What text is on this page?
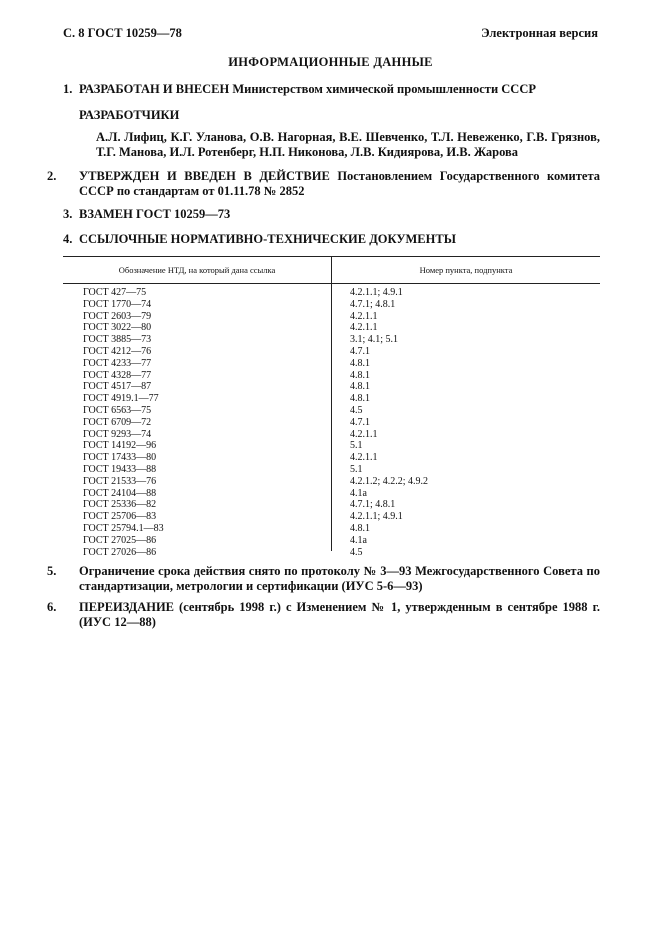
С. 8 ГОСТ 10259—78	Электронная версия
ИНФОРМАЦИОННЫЕ ДАННЫЕ
1. РАЗРАБОТАН И ВНЕСЕН Министерством химической промышленности СССР
РАЗРАБОТЧИКИ
А.Л. Лифиц, К.Г. Уланова, О.В. Нагорная, В.Е. Шевченко, Т.Л. Невеженко, Г.В. Грязнов, Т.Г. Манова, И.Л. Ротенберг, Н.П. Никонова, Л.В. Кидиярова, И.В. Жарова
2. УТВЕРЖДЕН И ВВЕДЕН В ДЕЙСТВИЕ Постановлением Государственного комитета СССР по стандартам от 01.11.78 № 2852
3. ВЗАМЕН ГОСТ 10259—73
4. ССЫЛОЧНЫЕ НОРМАТИВНО-ТЕХНИЧЕСКИЕ ДОКУМЕНТЫ
Обозначение НТД, на который дана ссылка	Номер пункта, подпункта
ГОСТ 427—75	4.2.1.1; 4.9.1
ГОСТ 1770—74	4.7.1; 4.8.1
ГОСТ 2603—79	4.2.1.1
ГОСТ 3022—80	4.2.1.1
ГОСТ 3885—73	3.1; 4.1; 5.1
ГОСТ 4212—76	4.7.1
ГОСТ 4233—77	4.8.1
ГОСТ 4328—77	4.8.1
ГОСТ 4517—87	4.8.1
ГОСТ 4919.1—77	4.8.1
ГОСТ 6563—75	4.5
ГОСТ 6709—72	4.7.1
ГОСТ 9293—74	4.2.1.1
ГОСТ 14192—96	5.1
ГОСТ 17433—80	4.2.1.1
ГОСТ 19433—88	5.1
ГОСТ 21533—76	4.2.1.2; 4.2.2; 4.9.2
ГОСТ 24104—88	4.1а
ГОСТ 25336—82	4.7.1; 4.8.1
ГОСТ 25706—83	4.2.1.1; 4.9.1
ГОСТ 25794.1—83	4.8.1
ГОСТ 27025—86	4.1а
ГОСТ 27026—86	4.5
5. Ограничение срока действия снято по протоколу № 3—93 Межгосударственного Совета по стандартизации, метрологии и сертификации (ИУС 5-6—93)
6. ПЕРЕИЗДАНИЕ (сентябрь 1998 г.) с Изменением № 1, утвержденным в сентябре 1988 г. (ИУС 12—88)
